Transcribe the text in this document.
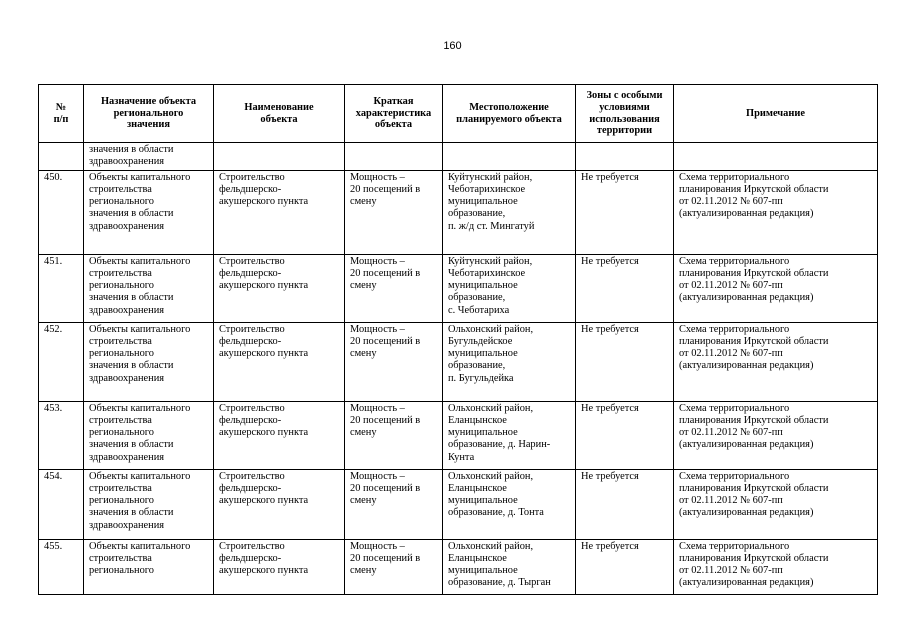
160
№
п/п	Назначение объекта
регионального
значения	Наименование
объекта	Краткая
характеристика
объекта	Местоположение
планируемого объекта	Зоны с особыми
условиями
использования
территории	Примечание

	значения в области
здравоохранения					

450.	Объекты капитального
строительства
регионального
значения в области
здравоохранения	Строительство
фельдшерско-
акушерского пункта	Мощность –
20 посещений в
смену	Куйтунский район,
Чеботарихинское
муниципальное
образование,
п. ж/д ст. Мингатуй	Не требуется	Схема территориального
планирования Иркутской области
от 02.11.2012 № 607-пп
(актуализированная редакция)

451.	Объекты капитального
строительства
регионального
значения в области
здравоохранения	Строительство
фельдшерско-
акушерского пункта	Мощность –
20 посещений в
смену	Куйтунский район,
Чеботарихинское
муниципальное
образование,
с. Чеботариха	Не требуется	Схема территориального
планирования Иркутской области
от 02.11.2012 № 607-пп
(актуализированная редакция)

452.	Объекты капитального
строительства
регионального
значения в области
здравоохранения	Строительство
фельдшерско-
акушерского пункта	Мощность –
20 посещений в
смену	Ольхонский район,
Бугульдейское
муниципальное
образование,
п. Бугульдейка	Не требуется	Схема территориального
планирования Иркутской области
от 02.11.2012 № 607-пп
(актуализированная редакция)

453.	Объекты капитального
строительства
регионального
значения в области
здравоохранения	Строительство
фельдшерско-
акушерского пункта	Мощность –
20 посещений в
смену	Ольхонский район,
Еланцынское
муниципальное
образование, д. Нарин-
Кунта	Не требуется	Схема территориального
планирования Иркутской области
от 02.11.2012 № 607-пп
(актуализированная редакция)

454.	Объекты капитального
строительства
регионального
значения в области
здравоохранения	Строительство
фельдшерско-
акушерского пункта	Мощность –
20 посещений в
смену	Ольхонский район,
Еланцынское
муниципальное
образование, д. Тонта	Не требуется	Схема территориального
планирования Иркутской области
от 02.11.2012 № 607-пп
(актуализированная редакция)

455.	Объекты капитального
строительства
регионального	Строительство
фельдшерско-
акушерского пункта	Мощность –
20 посещений в
смену	Ольхонский район,
Еланцынское
муниципальное
образование, д. Тырган	Не требуется	Схема территориального
планирования Иркутской области
от 02.11.2012 № 607-пп
(актуализированная редакция)
